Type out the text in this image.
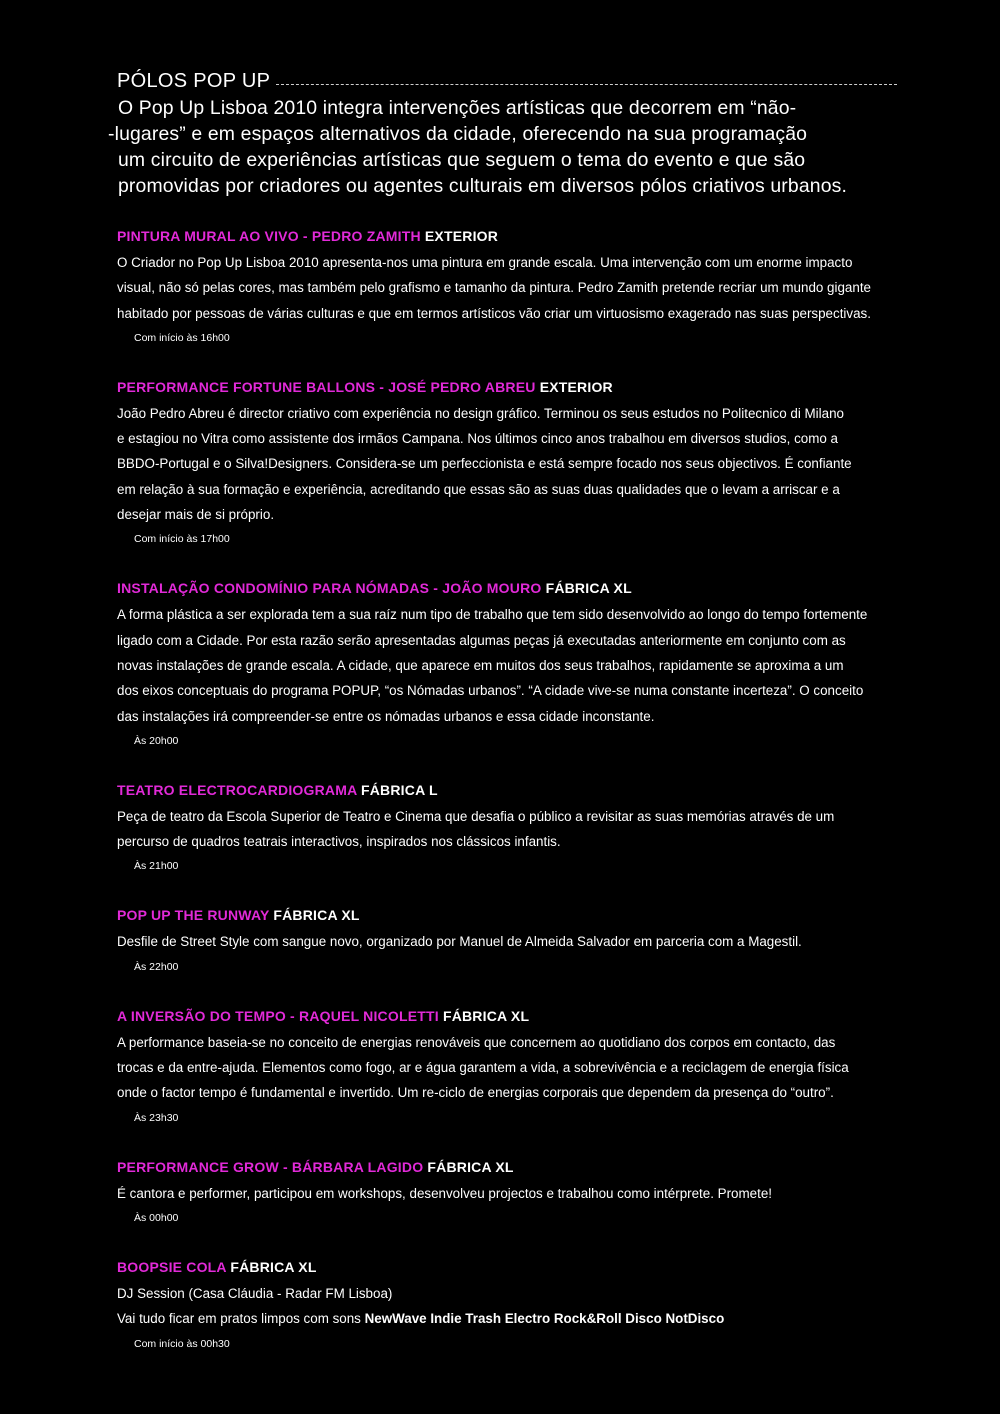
PÓLOS POP UP
O Pop Up Lisboa 2010 integra intervenções artísticas que decorrem em “não-
-lugares” e em espaços alternativos da cidade, oferecendo na sua programação
um circuito de experiências artísticas que seguem o tema do evento e que são
promovidas por criadores ou agentes culturais em diversos pólos criativos urbanos.
PINTURA MURAL AO VIVO - PEDRO ZAMITH EXTERIOR
O Criador no Pop Up Lisboa 2010 apresenta-nos uma pintura em grande escala. Uma intervenção com um enorme impacto
visual, não só pelas cores, mas também pelo grafismo e tamanho da pintura. Pedro Zamith pretende recriar um mundo gigante
habitado por pessoas de várias culturas e que em termos artísticos vão criar um virtuosismo exagerado nas suas perspectivas.
Com início às 16h00
PERFORMANCE FORTUNE BALLONS - JOSÉ PEDRO ABREU EXTERIOR
João Pedro Abreu é director criativo com experiência no design gráfico. Terminou os seus estudos no Politecnico di Milano
e estagiou no Vitra como assistente dos irmãos Campana. Nos últimos cinco anos trabalhou em diversos studios, como a
BBDO-Portugal e o Silva!Designers. Considera-se um perfeccionista e está sempre focado nos seus objectivos. É confiante
em relação à sua formação e experiência, acreditando que essas são as suas duas qualidades que o levam a arriscar e a
desejar mais de si próprio.
Com início às 17h00
INSTALAÇÃO CONDOMÍNIO PARA NÓMADAS - JOÃO MOURO FÁBRICA XL
A forma plástica a ser explorada tem a sua raíz num tipo de trabalho que tem sido desenvolvido ao longo do tempo fortemente
ligado com a Cidade. Por esta razão serão apresentadas algumas peças já executadas anteriormente em conjunto com as
novas instalações de grande escala. A cidade, que aparece em muitos dos seus trabalhos, rapidamente se aproxima a um
dos eixos conceptuais do programa POPUP, “os Nómadas urbanos”. “A cidade vive-se numa constante incerteza”. O conceito
das instalações irá compreender-se entre os nómadas urbanos e essa cidade inconstante.
Às 20h00
TEATRO ELECTROCARDIOGRAMA FÁBRICA L
Peça de teatro da Escola Superior de Teatro e Cinema que desafia o público a revisitar as suas memórias através de um
percurso de quadros teatrais interactivos, inspirados nos clássicos infantis.
Às 21h00
POP UP THE RUNWAY FÁBRICA XL
Desfile de Street Style com sangue novo, organizado por Manuel de Almeida Salvador em parceria com a Magestil.
Às 22h00
A INVERSÃO DO TEMPO - RAQUEL NICOLETTI FÁBRICA XL
A performance baseia-se no conceito de energias renováveis que concernem ao quotidiano dos corpos em contacto, das
trocas e da entre-ajuda. Elementos como fogo, ar e água garantem a vida, a sobrevivência e a reciclagem de energia física
onde o factor tempo é fundamental e invertido. Um re-ciclo de energias corporais que dependem da presença do “outro”.
Às 23h30
PERFORMANCE GROW - BÁRBARA LAGIDO FÁBRICA XL
É cantora e performer, participou em workshops, desenvolveu projectos e trabalhou como intérprete. Promete!
Às 00h00
BOOPSIE COLA FÁBRICA XL
DJ Session (Casa Cláudia - Radar FM Lisboa)
Vai tudo ficar em pratos limpos com sons NewWave Indie Trash Electro Rock&Roll Disco NotDisco
Com início às 00h30
